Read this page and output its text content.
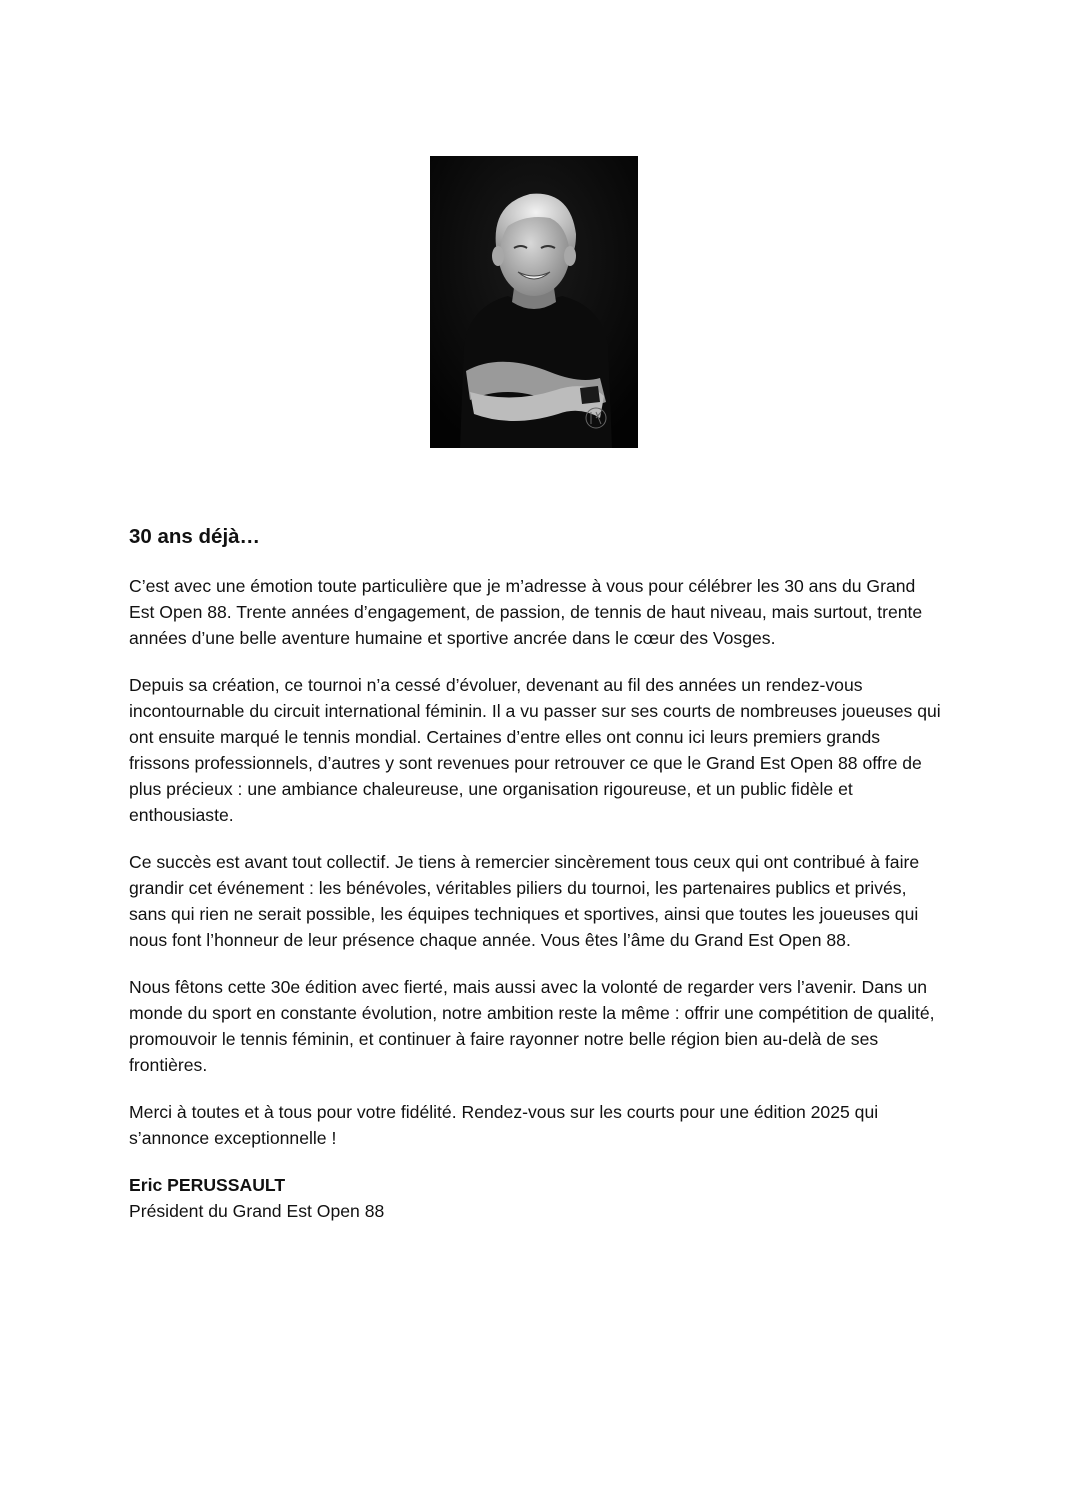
30 ans déjà…

C’est avec une émotion toute particulière que je m’adresse à vous pour célébrer les 30 ans du Grand Est Open 88. Trente années d’engagement, de passion, de tennis de haut niveau, mais surtout, trente années d’une belle aventure humaine et sportive ancrée dans le cœur des Vosges.

Depuis sa création, ce tournoi n’a cessé d’évoluer, devenant au fil des années un rendez-vous incontournable du circuit international féminin. Il a vu passer sur ses courts de nombreuses joueuses qui ont ensuite marqué le tennis mondial. Certaines d’entre elles ont connu ici leurs premiers grands frissons professionnels, d’autres y sont revenues pour retrouver ce que le Grand Est Open 88 offre de plus précieux : une ambiance chaleureuse, une organisation rigoureuse, et un public fidèle et enthousiaste.

Ce succès est avant tout collectif. Je tiens à remercier sincèrement tous ceux qui ont contribué à faire grandir cet événement : les bénévoles, véritables piliers du tournoi, les partenaires publics et privés, sans qui rien ne serait possible, les équipes techniques et sportives, ainsi que toutes les joueuses qui nous font l’honneur de leur présence chaque année. Vous êtes l’âme du Grand Est Open 88.

Nous fêtons cette 30e édition avec fierté, mais aussi avec la volonté de regarder vers l’avenir. Dans un monde du sport en constante évolution, notre ambition reste la même : offrir une compétition de qualité, promouvoir le tennis féminin, et continuer à faire rayonner notre belle région bien au-delà de ses frontières.

Merci à toutes et à tous pour votre fidélité. Rendez-vous sur les courts pour une édition 2025 qui s’annonce exceptionnelle !

Eric PERUSSAULT
Président du Grand Est Open 88
